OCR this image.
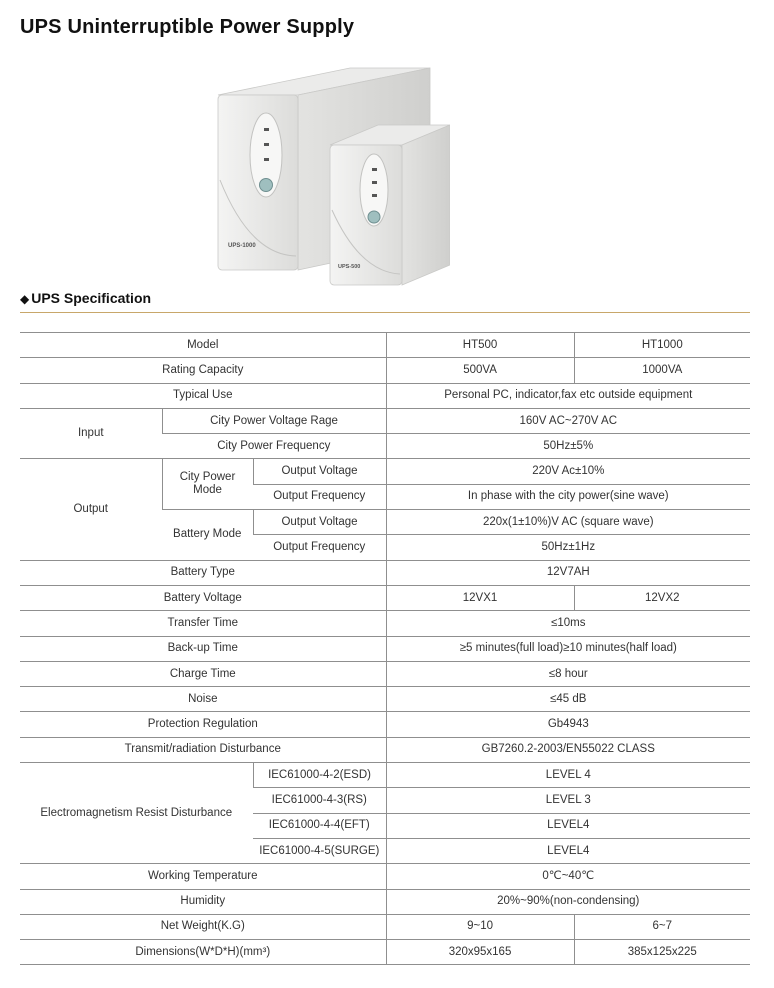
UPS Uninterruptible Power Supply
UPS-1000
UPS-500
◆ UPS Specification
Model			HT500	HT1000
Rating Capacity			500VA	1000VA
Typical Use			Personal PC, indicator,fax etc outside equipment	
Input	City Power Voltage Rage		160V AC~270V AC	
	City Power Frequency		50Hz±5%	
Output	City Power Mode	Output Voltage	220V Ac±10%	
		Output Frequency	In phase with the city power(sine wave)	
	Battery Mode	Output Voltage	220x(1±10%)V AC (square wave)	
		Output Frequency	50Hz±1Hz	
Battery Type			12V7AH	
Battery Voltage			12VX1	12VX2
Transfer Time			≤10ms	
Back-up Time			≥5 minutes(full load)≥10 minutes(half load)	
Charge Time			≤8 hour	
Noise			≤45 dB	
Protection Regulation			Gb4943	
Transmit/radiation Disturbance			GB7260.2-2003/EN55022 CLASS	
Electromagnetism Resist Disturbance		IEC61000-4-2(ESD)	LEVEL 4	
		IEC61000-4-3(RS)	LEVEL 3	
		IEC61000-4-4(EFT)	LEVEL4	
		IEC61000-4-5(SURGE)	LEVEL4	
Working Temperature			0℃~40℃	
Humidity			20%~90%(non-condensing)	
Net Weight(K.G)			9~10	6~7
Dimensions(W*D*H)(mm³)			320x95x165	385x125x225
